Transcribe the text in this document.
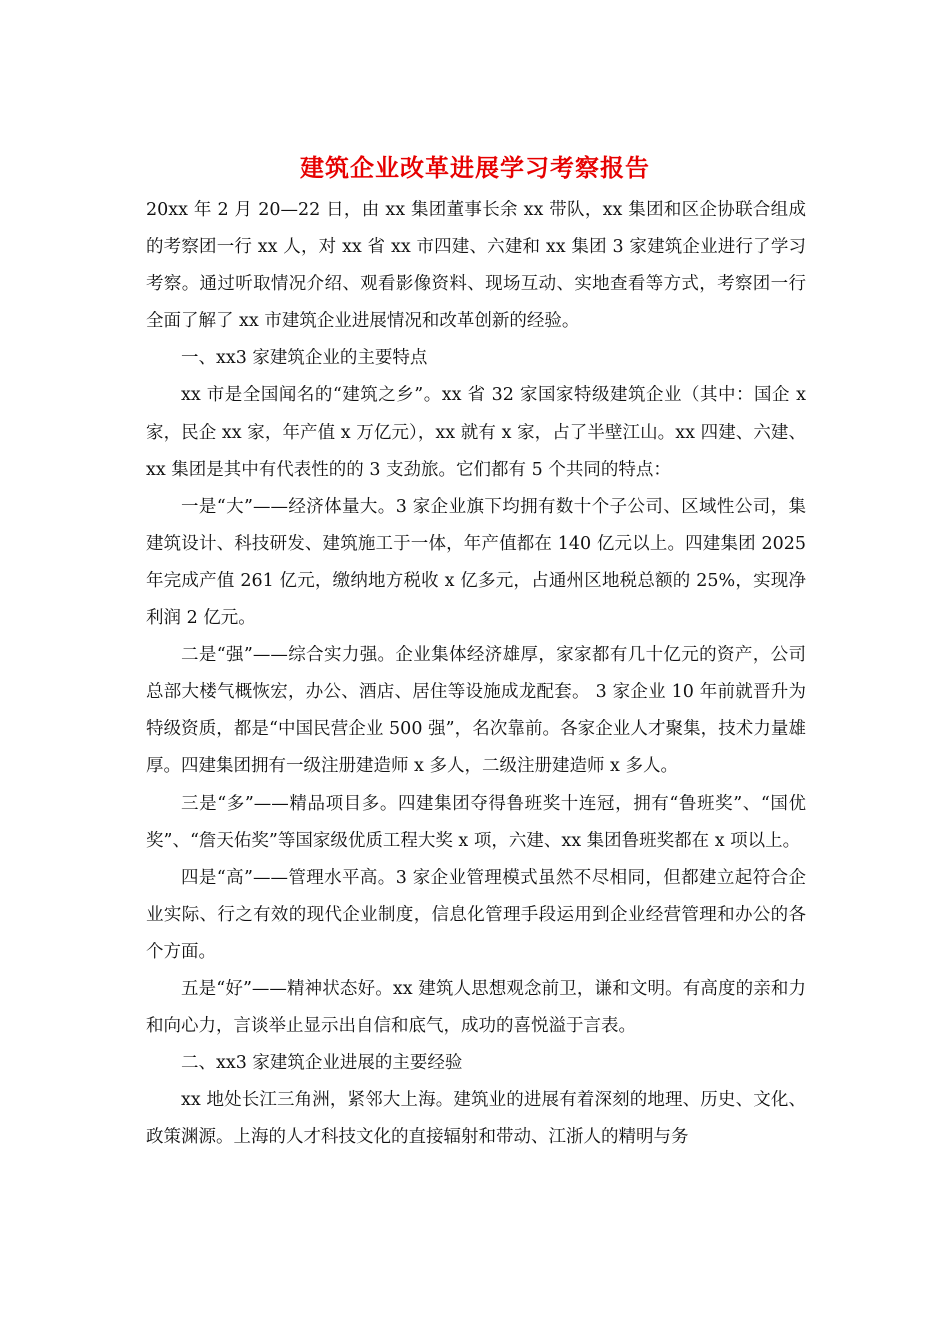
建筑企业改革进展学习考察报告

20xx 年 2 月 20—22 日，由 xx 集团董事长余 xx 带队，xx 集团和区企协联合组成的考察团一行 xx 人，对 xx 省 xx 市四建、六建和 xx 集团 3 家建筑企业进行了学习考察。通过听取情况介绍、观看影像资料、现场互动、实地查看等方式，考察团一行全面了解了 xx 市建筑企业进展情况和改革创新的经验。

一、xx3 家建筑企业的主要特点

xx 市是全国闻名的“建筑之乡”。xx 省 32 家国家特级建筑企业（其中：国企 x 家，民企 xx 家，年产值 x 万亿元），xx 就有 x 家，占了半壁江山。xx 四建、六建、xx 集团是其中有代表性的的 3 支劲旅。它们都有 5 个共同的特点：

一是“大”——经济体量大。3 家企业旗下均拥有数十个子公司、区域性公司，集建筑设计、科技研发、建筑施工于一体，年产值都在 140 亿元以上。四建集团 2025 年完成产值 261 亿元，缴纳地方税收 x 亿多元，占通州区地税总额的 25%，实现净利润 2 亿元。

二是“强”——综合实力强。企业集体经济雄厚，家家都有几十亿元的资产，公司总部大楼气概恢宏，办公、酒店、居住等设施成龙配套。 3 家企业 10 年前就晋升为特级资质，都是“中国民营企业 500 强”，名次靠前。各家企业人才聚集，技术力量雄厚。四建集团拥有一级注册建造师 x 多人，二级注册建造师 x 多人。

三是“多”——精品项目多。四建集团夺得鲁班奖十连冠，拥有“鲁班奖”、“国优奖”、“詹天佑奖”等国家级优质工程大奖 x 项，六建、xx 集团鲁班奖都在 x 项以上。

四是“高”——管理水平高。3 家企业管理模式虽然不尽相同，但都建立起符合企业实际、行之有效的现代企业制度，信息化管理手段运用到企业经营管理和办公的各个方面。

五是“好”——精神状态好。xx 建筑人思想观念前卫，谦和文明。有高度的亲和力和向心力，言谈举止显示出自信和底气，成功的喜悦溢于言表。

二、xx3 家建筑企业进展的主要经验

xx 地处长江三角洲，紧邻大上海。建筑业的进展有着深刻的地理、历史、文化、政策渊源。上海的人才科技文化的直接辐射和带动、江浙人的精明与务
